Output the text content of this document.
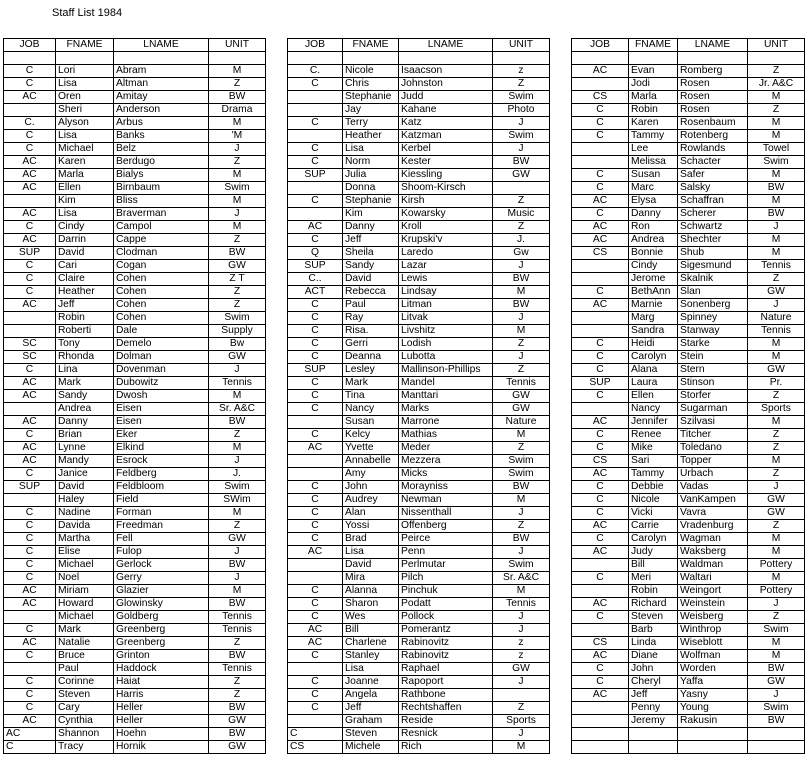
Staff List 1984
JOB	FNAME	LNAME	UNIT

C	Lori	Abram	M
C	Lisa	Altman	Z
AC	Oren	Amitay	BW
	Sheri	Anderson	Drama
C.	Alyson	Arbus	M
C	Lisa	Banks	'M
C	Michael	Belz	J
AC	Karen	Berdugo	Z
AC	Marla	Bialys	M
AC	Ellen	Birnbaum	Swim
	Kim	Bliss	M
AC	Lisa	Braverman	J
C	Cindy	Campol	M
AC	Darrin	Cappe	Z
SUP	David	Clodman	BW
C	Cari	Cogan	GW
C	Claire	Cohen	Z T
C	Heather	Cohen	Z
AC	Jeff	Cohen	Z
	Robin	Cohen	Swim
	Roberti	Dale	Supply
SC	Tony	Demelo	Bw
SC	Rhonda	Dolman	GW
C	Lina	Dovenman	J
AC	Mark	Dubowitz	Tennis
AC	Sandy	Dwosh	M
	Andrea	Eisen	Sr. A&C
AC	Danny	Eisen	BW
C	Brian	Eker	Z
AC	Lynne	Elkind	M
AC	Mandy	Esrock	J
C	Janice	Feldberg	J.
SUP	David	Feldbloom	Swim
	Haley	Field	SWim
C	Nadine	Forman	M
C	Davida	Freedman	Z
C	Martha	Fell	GW
C	Elise	Fulop	J
C	Michael	Gerlock	BW
C	Noel	Gerry	J
AC	Miriam	Glazier	M
AC	Howard	Glowinsky	BW
	Michael	Goldberg	Tennis
C	Mark	Greenberg	Tennis
AC	Natalie	Greenberg	Z
C	Bruce	Grinton	BW
	Paul	Haddock	Tennis
C	Corinne	Haiat	Z
C	Steven	Harris	Z
C	Cary	Heller	BW
AC	Cynthia	Heller	GW
AC	Shannon	Hoehn	BW
C	Tracy	Hornik	GW
JOB	FNAME	LNAME	UNIT

C.	Nicole	Isaacson	z
C	Chris	Johnston	Z
	Stephanie	Judd	Swim
	Jay	Kahane	Photo
C	Terry	Katz	J
	Heather	Katzman	Swim
C	Lisa	Kerbel	J
C	Norm	Kester	BW
SUP	Julia	Kiessling	GW
	Donna	Shoom-Kirsch	
C	Stephanie	Kirsh	Z
	Kim	Kowarsky	Music
AC	Danny	Kroll	Z
C	Jeff	Krupski'v	J.
Q	Sheila	Laredo	Gw
SUP	Sandy	Lazar	J
C..	David	Lewis	BW
ACT	Rebecca	Lindsay	M
C	Paul	Litman	BW
C	Ray	Litvak	J
C	Risa.	Livshitz	M
C	Gerri	Lodish	Z
C	Deanna	Lubotta	J
SUP	Lesley	Mallinson-Phillips	Z
C	Mark	Mandel	Tennis
C	Tina	Manttari	GW
C	Nancy	Marks	GW
	Susan	Marrone	Nature
C	Kelcy	Mathias	M
AC	Yvette	Meder	Z
	Annabelle	Mezzera	Swim
	Amy	Micks	Swim
C	John	Morayniss	BW
C	Audrey	Newman	M
C	Alan	Nissenthall	J
C	Yossi	Offenberg	Z
C	Brad	Peirce	BW
AC	Lisa	Penn	J
	David	Perlmutar	Swim
	Mira	Pilch	Sr. A&C
C	Alanna	Pinchuk	M
C	Sharon	Podatt	Tennis
C	Wes	Pollock	J
AC	Bill	Pomerantz	J
AC	Charlene	Rabinovitz	z
C	Stanley	Rabinovitz	z
	Lisa	Raphael	GW
C	Joanne	Rapoport	J
C	Angela	Rathbone	
C	Jeff	Rechtshaffen	Z
	Graham	Reside	Sports
C	Steven	Resnick	J
CS	Michele	Rich	M
JOB	FNAME	LNAME	UNIT

AC	Evan	Romberg	Z
	Jodi	Rosen	Jr. A&C
CS	Marla	Rosen	M
C	Robin	Rosen	Z
C	Karen	Rosenbaum	M
C	Tammy	Rotenberg	M
	Lee	Rowlands	Towel
	Melissa	Schacter	Swim
C	Susan	Safer	M
C	Marc	Salsky	BW
AC	Elysa	Schaffran	M
C	Danny	Scherer	BW
AC	Ron	Schwartz	J
AC	Andrea	Shechter	M
CS	Bonnie	Shub	M
	Cindy	Sigesmund	Tennis
	Jerome	Skalnik	Z
C	BethAnn	Slan	GW
AC	Marnie	Sonenberg	J
	Marg	Spinney	Nature
	Sandra	Stanway	Tennis
C	Heidi	Starke	M
C	Carolyn	Stein	M
C	Alana	Stern	GW
SUP	Laura	Stinson	Pr.
C	Ellen	Storfer	Z
	Nancy	Sugarman	Sports
AC	Jennifer	Szilvasi	M
C	Renee	Titcher	Z
C	Mike	Toledano	Z
CS	Sari	Topper	M
AC	Tammy	Urbach	Z
C	Debbie	Vadas	J
C	Nicole	VanKampen	GW
C	Vicki	Vavra	GW
AC	Carrie	Vradenburg	Z
C	Carolyn	Wagman	M
AC	Judy	Waksberg	M
	Bill	Waldman	Pottery
C	Meri	Waltari	M
	Robin	Weingort	Pottery
AC	Richard	Weinstein	J
C	Steven	Weisberg	Z
	Barb	Winthrop	Swim
CS	Linda	Wiseblott	M
AC	Diane	Wolfman	M
C	John	Worden	BW
C	Cheryl	Yaffa	GW
AC	Jeff	Yasny	J
	Penny	Young	Swim
	Jeremy	Rakusin	BW
